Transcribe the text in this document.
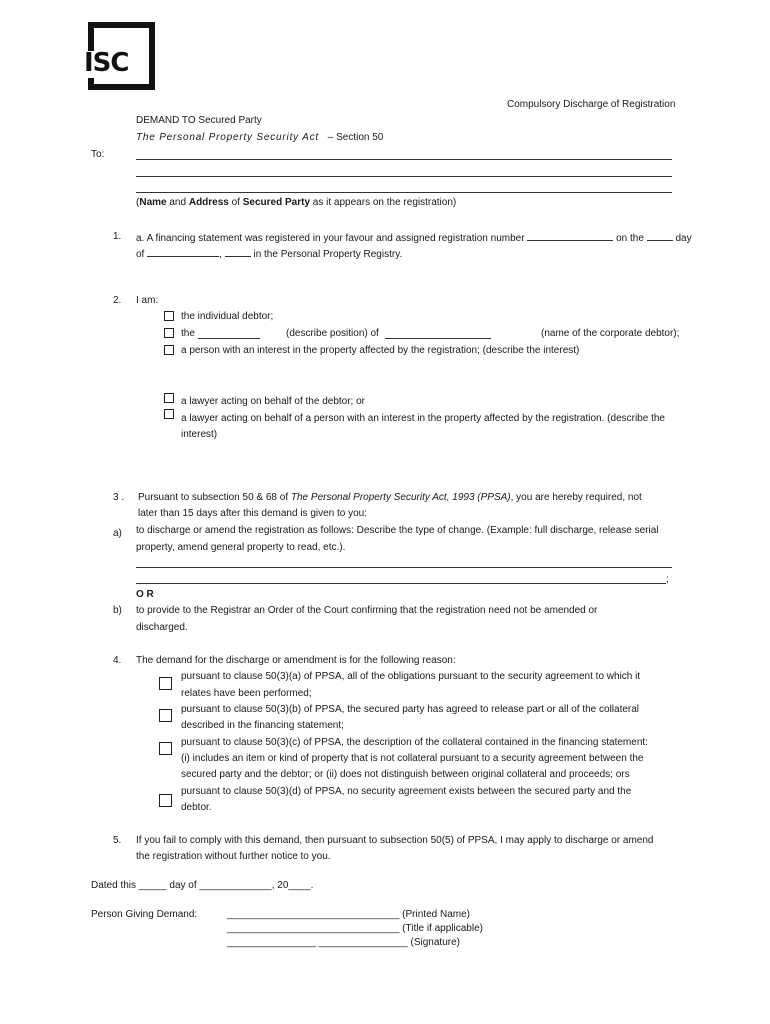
ISC
Compulsory Discharge of Registration
DEMAND TO Secured Party
The Personal Property Security Act – Section 50
To:
(Name and Address of Secured Party as it appears on the registration)
1. a. A financing statement was registered in your favour and assigned registration number	on the	day
of	,	in the Personal Property Registry.
2. I am:
the individual debtor;
the	(describe position) of	(name of the corporate debtor);
a person with an interest in the property affected by the registration; (describe the interest)
a lawyer acting on behalf of the debtor; or
a lawyer acting on behalf of a person with an interest in the property affected by the registration. (describe the
interest)
3 . Pursuant to subsection 50 & 68 of The Personal Property Security Act, 1993 (PPSA), you are hereby required, not
later than 15 days after this demand is given to you:
a) to discharge or amend the registration as follows: Describe the type of change. (Example: full discharge, release serial
property, amend general property to read, etc.).
;
O R
b) to provide to the Registrar an Order of the Court confirming that the registration need not be amended or
discharged.
4. The demand for the discharge or amendment is for the following reason:
pursuant to clause 50(3)(a) of PPSA, all of the obligations pursuant to the security agreement to which it
relates have been performed;
pursuant to clause 50(3)(b) of PPSA, the secured party has agreed to release part or all of the collateral
described in the financing statement;
pursuant to clause 50(3)(c) of PPSA, the description of the collateral contained in the financing statement:
(i) includes an item or kind of property that is not collateral pursuant to a security agreement between the
secured party and the debtor; or (ii) does not distinguish between original collateral and proceeds; ors
pursuant to clause 50(3)(d) of PPSA, no security agreement exists between the secured party and the
debtor.
5. If you fail to comply with this demand, then pursuant to subsection 50(5) of PPSA, I may apply to discharge or amend
the registration without further notice to you.
Dated this _____ day of _____________, 20____.
Person Giving Demand:	_______________________________ (Printed Name)
_______________________________ (Title if applicable)
________________ ________________ (Signature)
